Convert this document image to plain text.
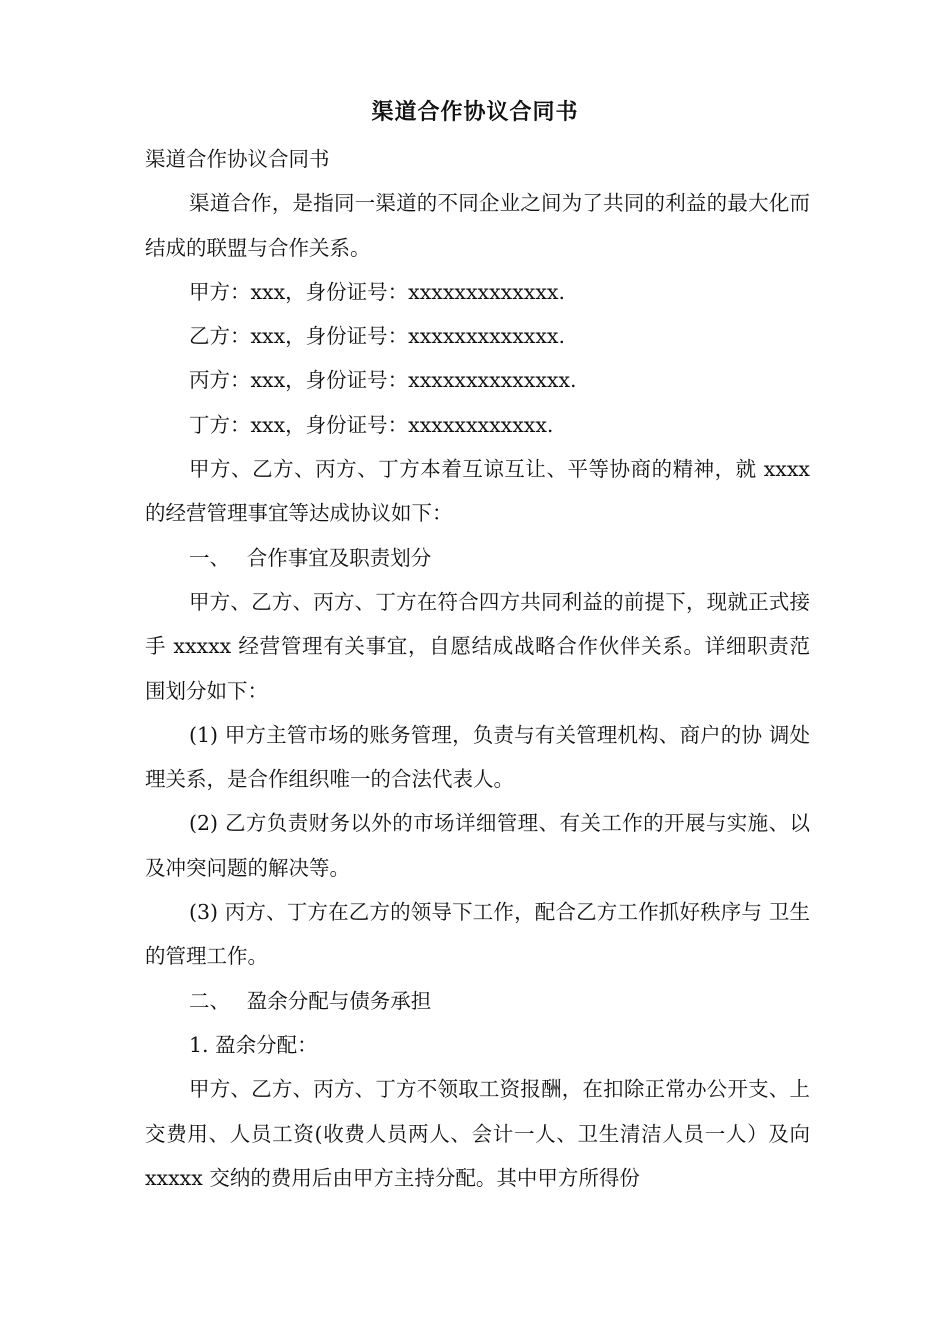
渠道合作协议合同书

渠道合作协议合同书

渠道合作，是指同一渠道的不同企业之间为了共同的利益的最大化而结成的联盟与合作关系。

甲方：xxx，身份证号：xxxxxxxxxxxxx.

乙方：xxx，身份证号：xxxxxxxxxxxxx.

丙方：xxx，身份证号：xxxxxxxxxxxxxx.

丁方：xxx，身份证号：xxxxxxxxxxxx.

甲方、乙方、丙方、丁方本着互谅互让、平等协商的精神，就 xxxx 的经营管理事宜等达成协议如下：

一、　 合作事宜及职责划分

甲方、乙方、丙方、丁方在符合四方共同利益的前提下，现就正式接手 xxxxx 经营管理有关事宜，自愿结成战略合作伙伴关系。详细职责范围划分如下：

(1) 甲方主管市场的账务管理，负责与有关管理机构、商户的协 调处理关系，是合作组织唯一的合法代表人。

(2) 乙方负责财务以外的市场详细管理、有关工作的开展与实施、以及冲突问题的解决等。

(3) 丙方、丁方在乙方的领导下工作，配合乙方工作抓好秩序与 卫生的管理工作。

二、　 盈余分配与债务承担

1. 盈余分配：

甲方、乙方、丙方、丁方不领取工资报酬，在扣除正常办公开支、上交费用、人员工资(收费人员两人、会计一人、卫生清洁人员一人）及向 xxxxx 交纳的费用后由甲方主持分配。其中甲方所得份
